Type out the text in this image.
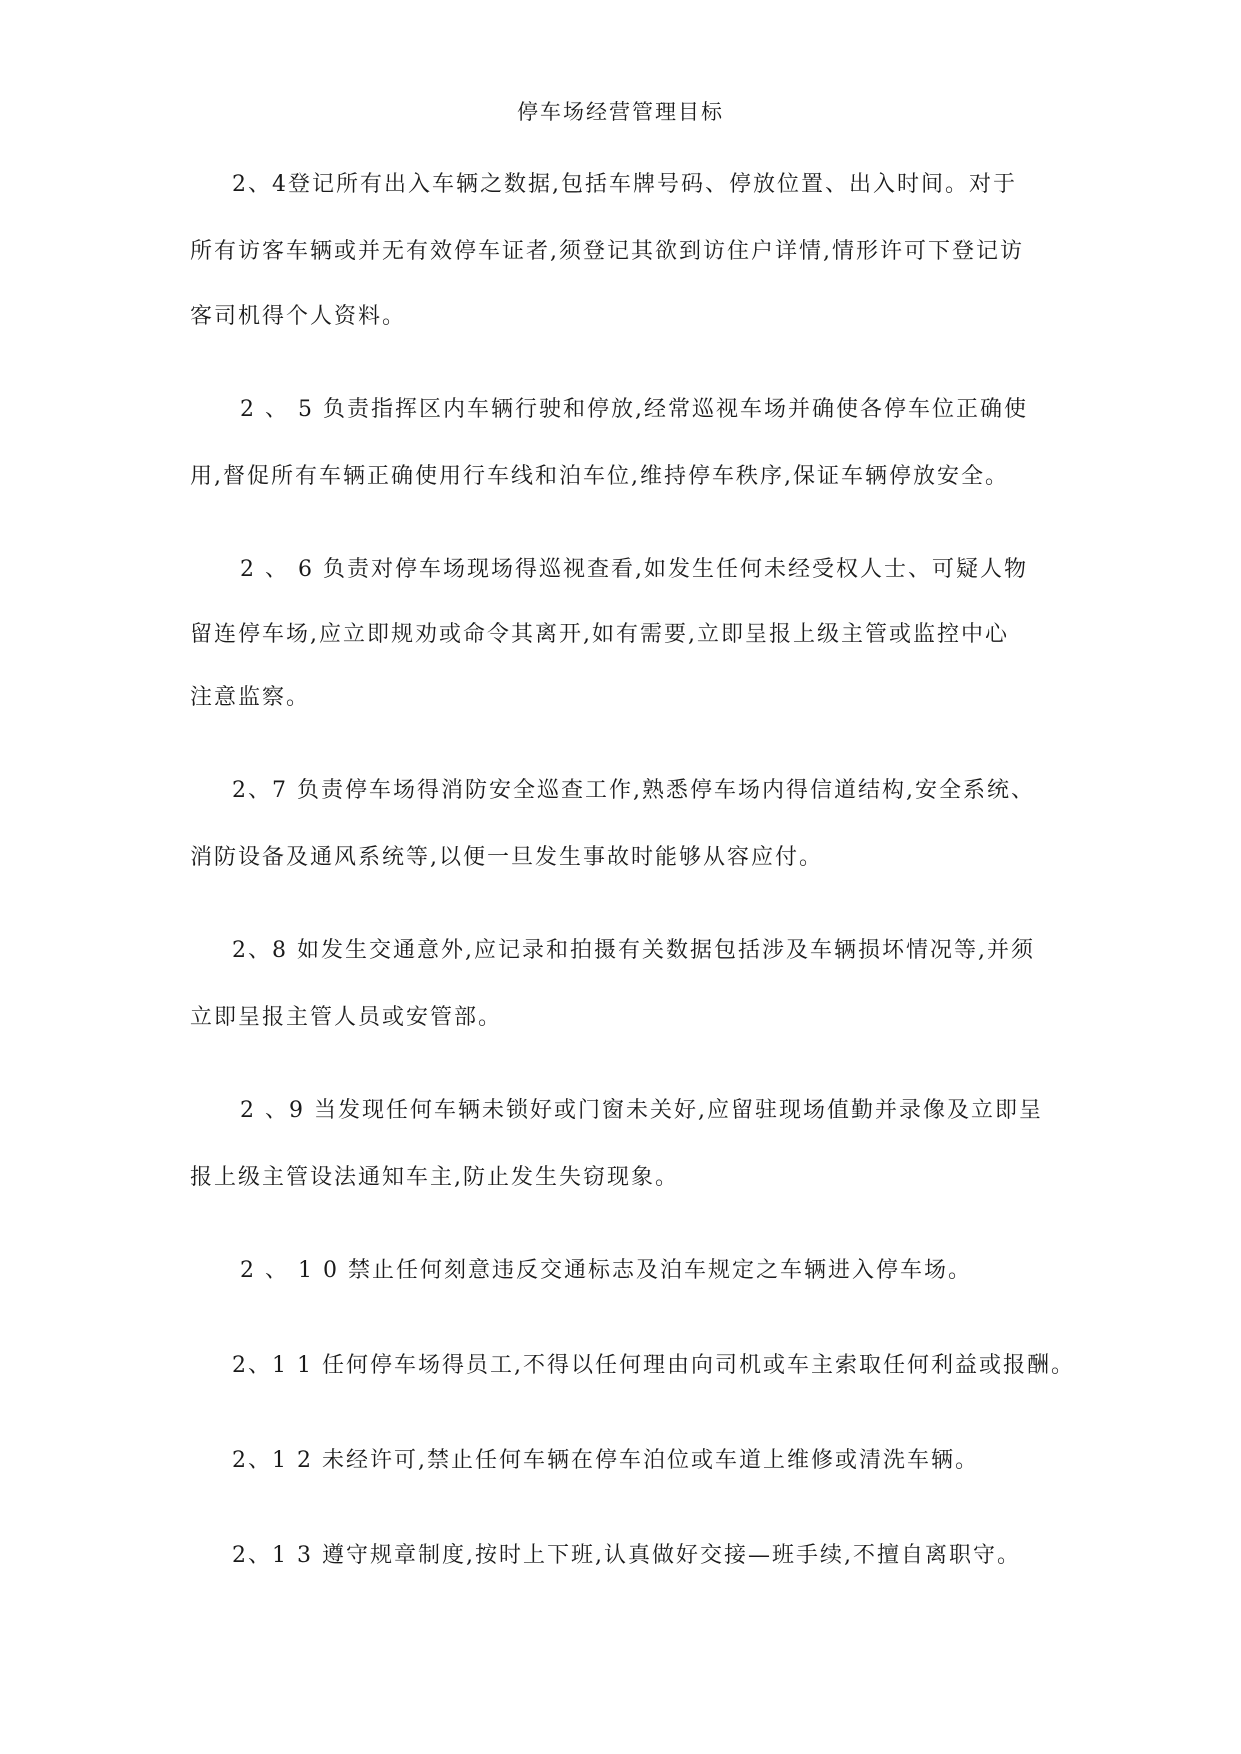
停车场经营管理目标
2、4登记所有出入车辆之数据,包括车牌号码、停放位置、出入时间。对于
所有访客车辆或并无有效停车证者,须登记其欲到访住户详情,情形许可下登记访
客司机得个人资料。
2 、 5 负责指挥区内车辆行驶和停放,经常巡视车场并确使各停车位正确使
用,督促所有车辆正确使用行车线和泊车位,维持停车秩序,保证车辆停放安全。
2 、 6 负责对停车场现场得巡视查看,如发生任何未经受权人士、可疑人物
留连停车场,应立即规劝或命令其离开,如有需要,立即呈报上级主管或监控中心
注意监察。
2、7 负责停车场得消防安全巡查工作,熟悉停车场内得信道结构,安全系统、
消防设备及通风系统等,以便一旦发生事故时能够从容应付。
2、8 如发生交通意外,应记录和拍摄有关数据包括涉及车辆损坏情况等,并须
立即呈报主管人员或安管部。
2 、9 当发现任何车辆未锁好或门窗未关好,应留驻现场值勤并录像及立即呈
报上级主管设法通知车主,防止发生失窃现象。
2 、 1 0 禁止任何刻意违反交通标志及泊车规定之车辆进入停车场。
2、1 1 任何停车场得员工,不得以任何理由向司机或车主索取任何利益或报酬。
2、1 2 未经许可,禁止任何车辆在停车泊位或车道上维修或清洗车辆。
2、1 3 遵守规章制度,按时上下班,认真做好交接—班手续,不擅自离职守。
